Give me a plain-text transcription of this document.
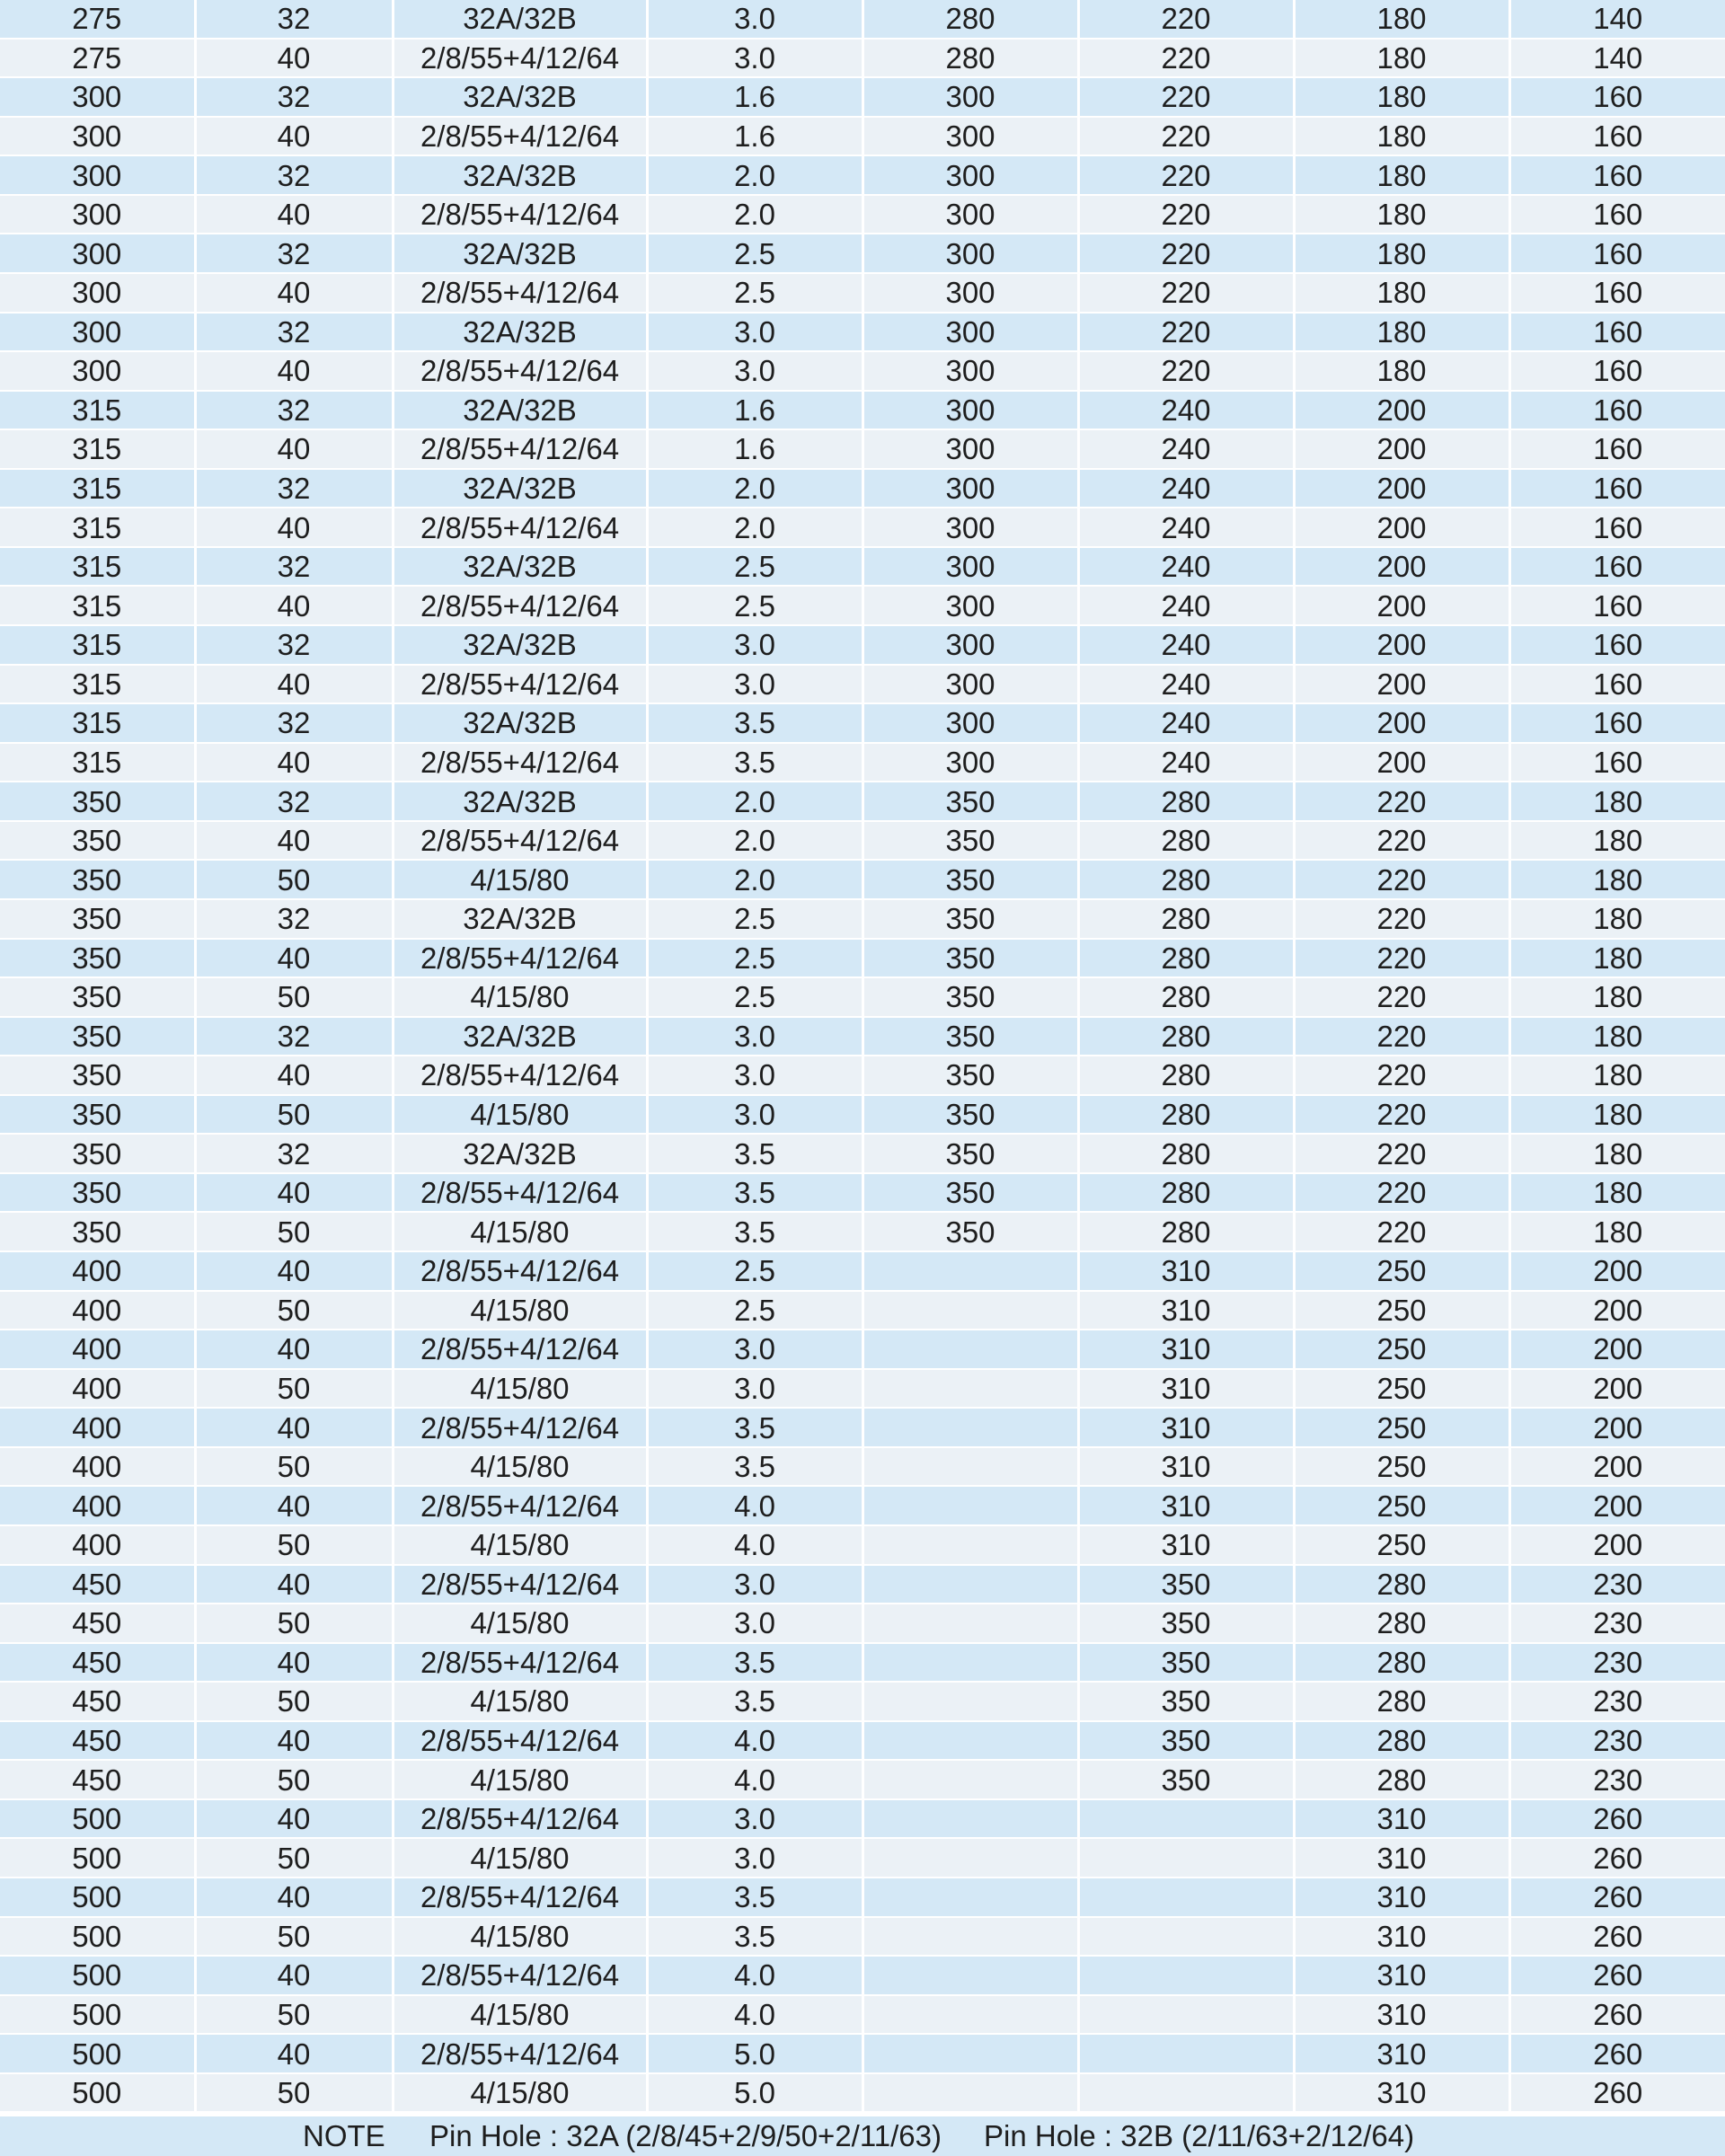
275	32	32A/32B	3.0	280	220	180	140
275	40	2/8/55+4/12/64	3.0	280	220	180	140
300	32	32A/32B	1.6	300	220	180	160
300	40	2/8/55+4/12/64	1.6	300	220	180	160
300	32	32A/32B	2.0	300	220	180	160
300	40	2/8/55+4/12/64	2.0	300	220	180	160
300	32	32A/32B	2.5	300	220	180	160
300	40	2/8/55+4/12/64	2.5	300	220	180	160
300	32	32A/32B	3.0	300	220	180	160
300	40	2/8/55+4/12/64	3.0	300	220	180	160
315	32	32A/32B	1.6	300	240	200	160
315	40	2/8/55+4/12/64	1.6	300	240	200	160
315	32	32A/32B	2.0	300	240	200	160
315	40	2/8/55+4/12/64	2.0	300	240	200	160
315	32	32A/32B	2.5	300	240	200	160
315	40	2/8/55+4/12/64	2.5	300	240	200	160
315	32	32A/32B	3.0	300	240	200	160
315	40	2/8/55+4/12/64	3.0	300	240	200	160
315	32	32A/32B	3.5	300	240	200	160
315	40	2/8/55+4/12/64	3.5	300	240	200	160
350	32	32A/32B	2.0	350	280	220	180
350	40	2/8/55+4/12/64	2.0	350	280	220	180
350	50	4/15/80	2.0	350	280	220	180
350	32	32A/32B	2.5	350	280	220	180
350	40	2/8/55+4/12/64	2.5	350	280	220	180
350	50	4/15/80	2.5	350	280	220	180
350	32	32A/32B	3.0	350	280	220	180
350	40	2/8/55+4/12/64	3.0	350	280	220	180
350	50	4/15/80	3.0	350	280	220	180
350	32	32A/32B	3.5	350	280	220	180
350	40	2/8/55+4/12/64	3.5	350	280	220	180
350	50	4/15/80	3.5	350	280	220	180
400	40	2/8/55+4/12/64	2.5		310	250	200
400	50	4/15/80	2.5		310	250	200
400	40	2/8/55+4/12/64	3.0		310	250	200
400	50	4/15/80	3.0		310	250	200
400	40	2/8/55+4/12/64	3.5		310	250	200
400	50	4/15/80	3.5		310	250	200
400	40	2/8/55+4/12/64	4.0		310	250	200
400	50	4/15/80	4.0		310	250	200
450	40	2/8/55+4/12/64	3.0		350	280	230
450	50	4/15/80	3.0		350	280	230
450	40	2/8/55+4/12/64	3.5		350	280	230
450	50	4/15/80	3.5		350	280	230
450	40	2/8/55+4/12/64	4.0		350	280	230
450	50	4/15/80	4.0		350	280	230
500	40	2/8/55+4/12/64	3.0			310	260
500	50	4/15/80	3.0			310	260
500	40	2/8/55+4/12/64	3.5			310	260
500	50	4/15/80	3.5			310	260
500	40	2/8/55+4/12/64	4.0			310	260
500	50	4/15/80	4.0			310	260
500	40	2/8/55+4/12/64	5.0			310	260
500	50	4/15/80	5.0			310	260
NOTE Pin Hole : 32A (2/8/45+2/9/50+2/11/63) Pin Hole : 32B (2/11/63+2/12/64)
